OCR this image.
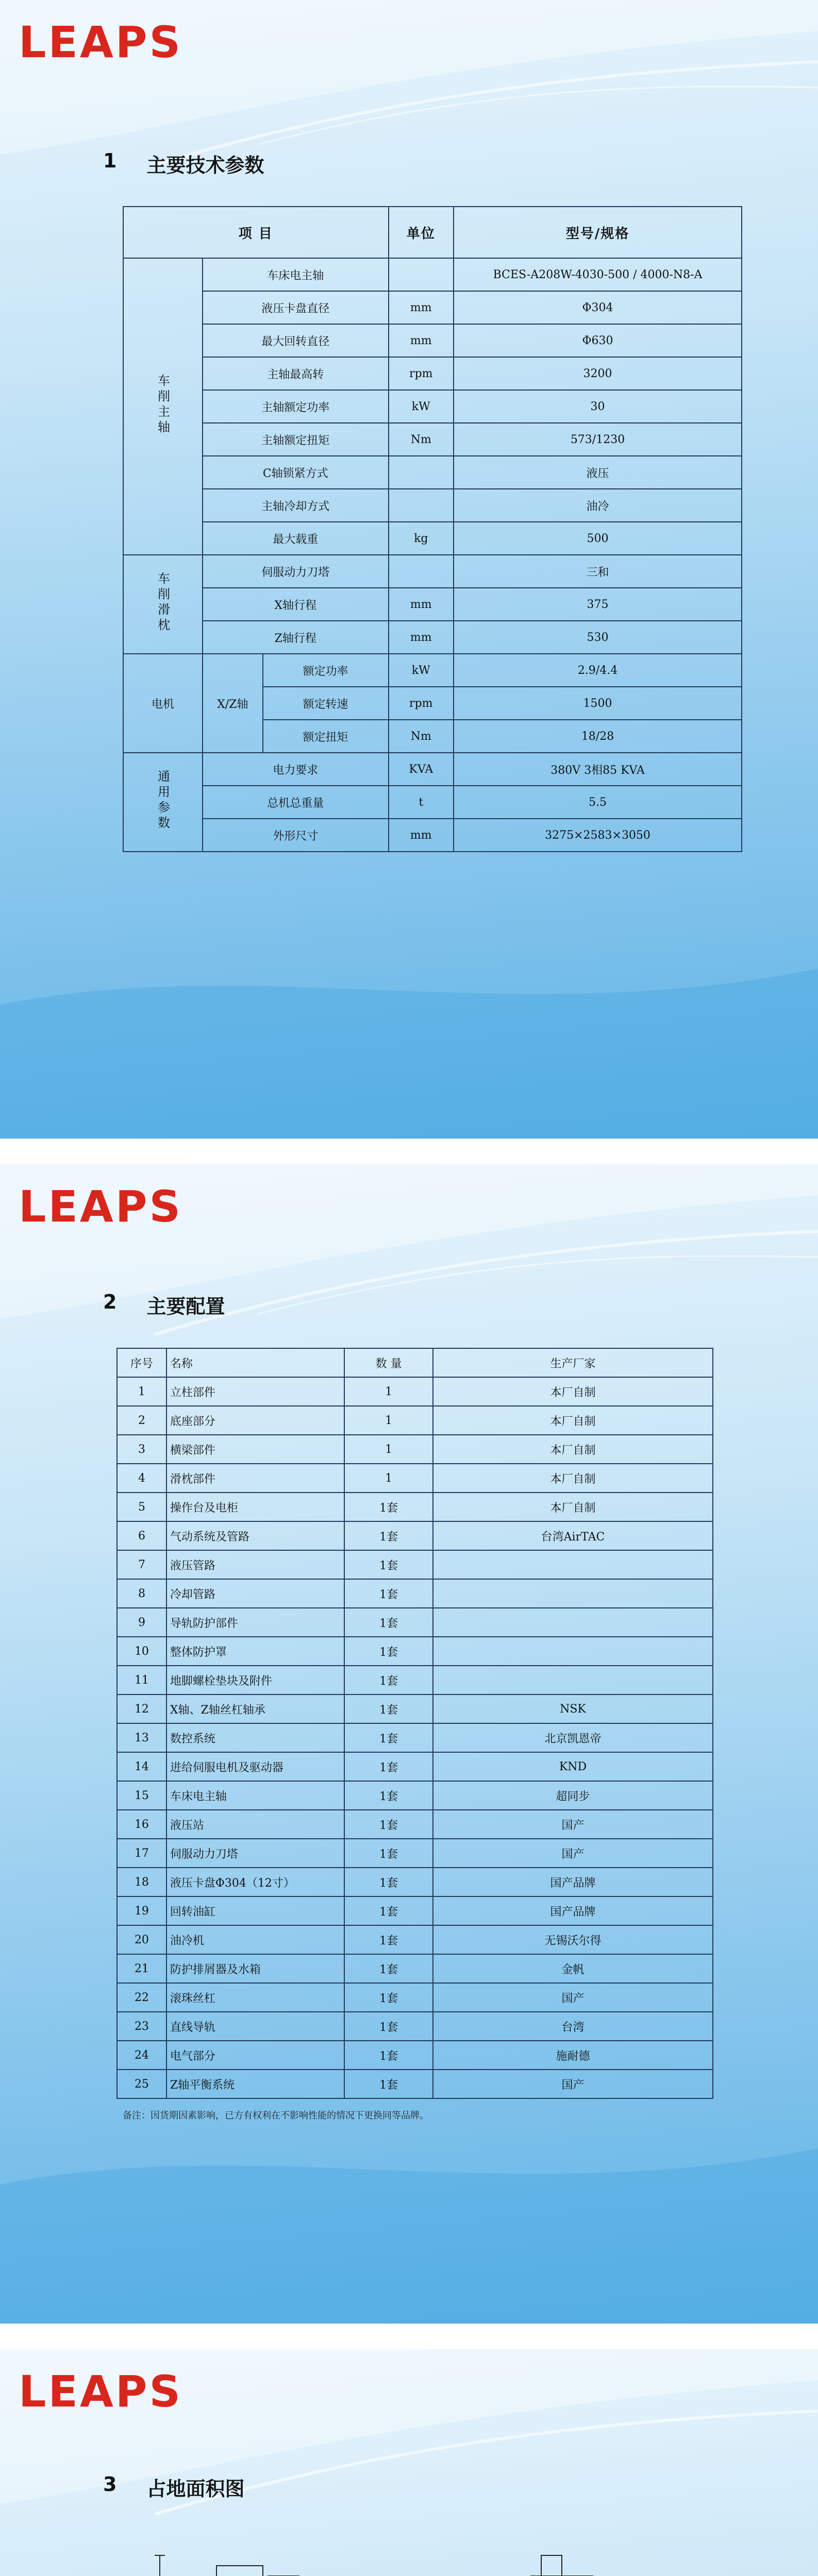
LEAPS
1 主要技术参数
项 目			单位	型号/规格
车削主轴	车床电主轴			BCES-A208W-4030-500 / 4000-N8-A
	液压卡盘直径		mm	Φ304
	最大回转直径		mm	Φ630
	主轴最高转		rpm	3200
	主轴额定功率		kW	30
	主轴额定扭矩		Nm	573/1230
	C轴锁紧方式			液压
	主轴冷却方式			油冷
	最大载重		kg	500
车削滑枕	伺服动力刀塔			三和
	X轴行程		mm	375
	Z轴行程		mm	530
电机	X/Z轴	额定功率	kW	2.9/4.4
		额定转速	rpm	1500
		额定扭矩	Nm	18/28
通用参数	电力要求		KVA	380V 3相85 KVA
	总机总重量		t	5.5
	外形尺寸		mm	3275×2583×3050
LEAPS
2 主要配置
序号	名称	数 量	生产厂家
1	立柱部件	1	本厂自制
2	底座部分	1	本厂自制
3	横梁部件	1	本厂自制
4	滑枕部件	1	本厂自制
5	操作台及电柜	1套	本厂自制
6	气动系统及管路	1套	台湾AirTAC
7	液压管路	1套	
8	冷却管路	1套	
9	导轨防护部件	1套	
10	整体防护罩	1套	
11	地脚螺栓垫块及附件	1套	
12	X轴、Z轴丝杠轴承	1套	NSK
13	数控系统	1套	北京凯恩帝
14	进给伺服电机及驱动器	1套	KND
15	车床电主轴	1套	超同步
16	液压站	1套	国产
17	伺服动力刀塔	1套	国产
18	液压卡盘Φ304（12寸）	1套	国产品牌
19	回转油缸	1套	国产品牌
20	油冷机	1套	无锡沃尔得
21	防护排屑器及水箱	1套	金帆
22	滚珠丝杠	1套	国产
23	直线导轨	1套	台湾
24	电气部分	1套	施耐德
25	Z轴平衡系统	1套	国产
备注：因货期因素影响，已方有权利在不影响性能的情况下更换同等品牌。
LEAPS
3 占地面积图
